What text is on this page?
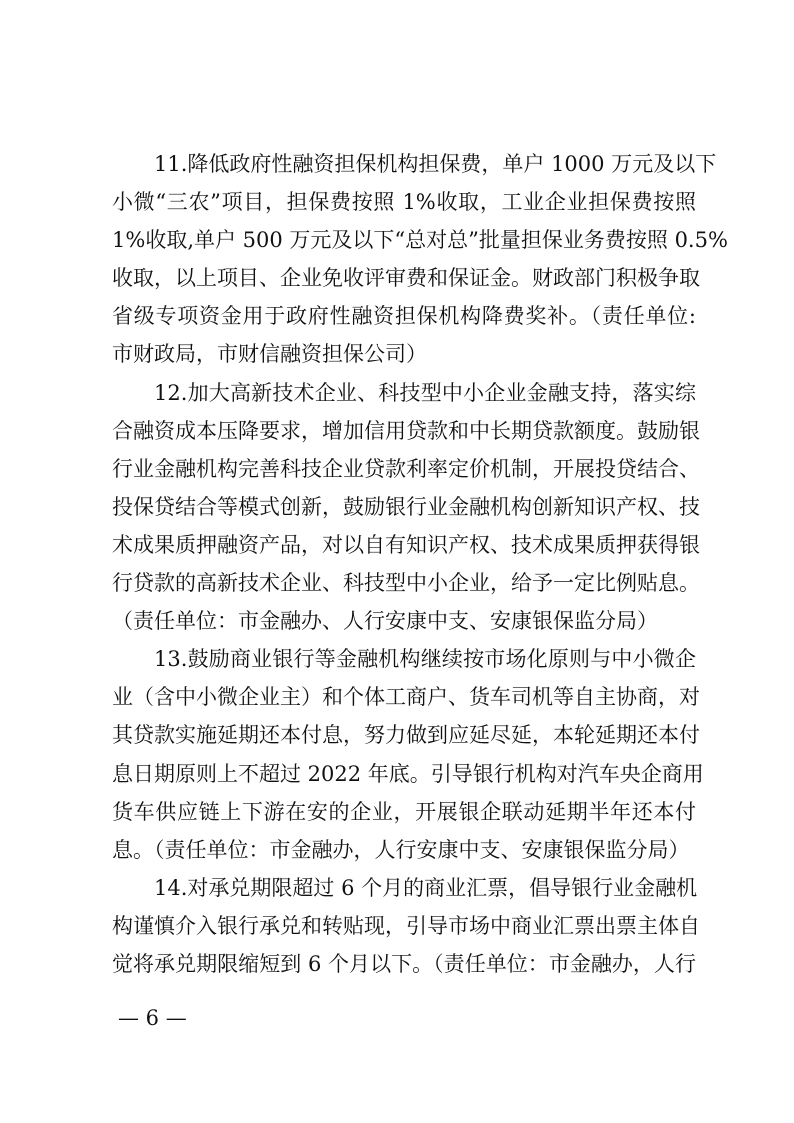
11.降低政府性融资担保机构担保费，单户 1000 万元及以下
小微“三农”项目，担保费按照 1%收取，工业企业担保费按照
1%收取,单户 500 万元及以下“总对总”批量担保业务费按照 0.5%
收取，以上项目、企业免收评审费和保证金。财政部门积极争取
省级专项资金用于政府性融资担保机构降费奖补。（责任单位:
市财政局，市财信融资担保公司）
12.加大高新技术企业、科技型中小企业金融支持，落实综
合融资成本压降要求，增加信用贷款和中长期贷款额度。鼓励银
行业金融机构完善科技企业贷款利率定价机制，开展投贷结合、
投保贷结合等模式创新，鼓励银行业金融机构创新知识产权、技
术成果质押融资产品，对以自有知识产权、技术成果质押获得银
行贷款的高新技术企业、科技型中小企业，给予一定比例贴息。
（责任单位：市金融办、人行安康中支、安康银保监分局）
13.鼓励商业银行等金融机构继续按市场化原则与中小微企
业（含中小微企业主）和个体工商户、货车司机等自主协商，对
其贷款实施延期还本付息，努力做到应延尽延，本轮延期还本付
息日期原则上不超过 2022 年底。引导银行机构对汽车央企商用
货车供应链上下游在安的企业，开展银企联动延期半年还本付
息。（责任单位：市金融办，人行安康中支、安康银保监分局）
14.对承兑期限超过 6 个月的商业汇票，倡导银行业金融机
构谨慎介入银行承兑和转贴现，引导市场中商业汇票出票主体自
觉将承兑期限缩短到 6 个月以下。（责任单位：市金融办，人行
— 6 —
